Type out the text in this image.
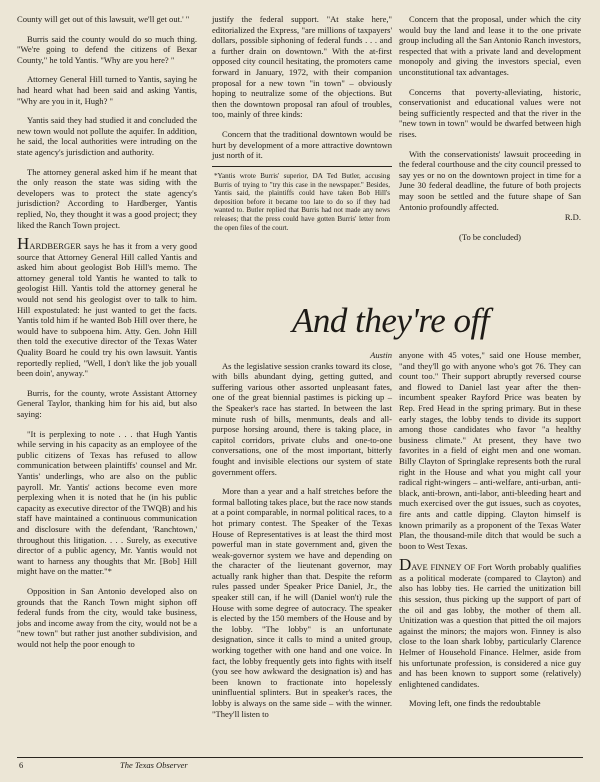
County will get out of this lawsuit, we'll get out.' "

Burris said the county would do so much thing. "We're going to defend the citizens of Bexar County," he told Yantis. "Why are you here? "

Attorney General Hill turned to Yantis, saying he had heard what had been said and asking Yantis, "Why are you in it, Hugh? "

Yantis said they had studied it and concluded the new town would not pollute the aquifer. In addition, he said, the local authorities were intruding on the state agency's jurisdiction and authority.

The attorney general asked him if he meant that the only reason the state was siding with the developers was to protect the state agency's jurisdiction? According to Hardberger, Yantis replied, No, they thought it was a good project; they liked the Ranch Town project.

HARDBERGER says he has it from a very good source that Attorney General Hill called Yantis and asked him about geologist Bob Hill's memo. The attorney general told Yantis he wanted to talk to geologist Hill. Yantis told the attorney general he would not send his geologist over to talk to him. Hill expostulated: he just wanted to get the facts. Yantis told him if he wanted Bob Hill over there, he would have to subpoena him. Atty. Gen. John Hill then told the executive director of the Texas Water Quality Board he could try his own lawsuit. Yantis reportedly replied, "Well, I don't like the job youall been doin', anyway."

Burris, for the county, wrote Assistant Attorney General Taylor, thanking him for his aid, but also saying:

"It is perplexing to note . . . that Hugh Yantis while serving in his capacity as an employee of the public citizens of Texas has refused to allow communication between plaintiffs' counsel and Mr. Yantis' underlings, who are also on the public payroll. Mr. Yantis' actions become even more perplexing when it is noted that he (in his public capacity as executive director of the TWQB) and his staff have maintained a continuous communication and disclosure with the defendant, 'Ranchtown,' throughout this litigation. . . . Surely, as executive director of a public agency, Mr. Yantis would not want to harness any thoughts that Mr. [Bob] Hill might have on the matter."*

Opposition in San Antonio developed also on grounds that the Ranch Town might siphon off federal funds from the city, would take business, jobs and income away from the city, would not be a "new town" but rather just another subdivision, and would not help the poor enough to

justify the federal support. "At stake here," editorialized the Express, "are millions of taxpayers' dollars, possible siphoning of federal funds . . . and a further drain on downtown." With the at-first opposed city council hesitating, the promoters came forward in January, 1972, with their companion proposal for a new town "in town" – obviously hoping to neutralize some of the objections. But then the downtown proposal ran afoul of troubles, too, mainly of three kinds:

Concern that the traditional downtown would be hurt by development of a more attractive downtown just north of it.

*Yantis wrote Burris' superior, DA Ted Butler, accusing Burris of trying to "try this case in the newspaper." Besides, Yantis said, the plaintiffs could have taken Bob Hill's deposition before it became too late to do so if they had wanted to. Butler replied that Burris had not made any news releases; that the press could have gotten Burris' letter from the open files of the court.

And they're off

Austin

As the legislative session cranks toward its close, with bills abundant dying, getting gutted, and suffering various other assorted unpleasant fates, one of the great biennial pastimes is picking up – the Speaker's race has started. In between the last minute rush of bills, menmunts, deals and all-purpose horsing around, there is taking place, in capitol corridors, private clubs and one-to-one conversations, one of the most important, bitterly fought and invisible elections our system of state government offers.

More than a year and a half stretches before the formal balloting takes place, but the race now stands at a point comparable, in normal political races, to a hot primary contest. The Speaker of the Texas House of Representatives is at least the third most powerful man in state government and, given the weak-governor system we have and depending on the character of the lieutenant governor, may actually rank higher than that. Despite the reform rules passed under Speaker Price Daniel, Jr., the speaker still can, if he will (Daniel won't) rule the House with some degree of autocracy. The speaker is elected by the 150 members of the House and by the lobby. "The lobby" is an unfortunate designation, since it calls to mind a united group, working together with one hand and one voice. In fact, the lobby frequently gets into fights with itself (you see how awkward the designation is) and has been known to fractionate into hopelessly uninfluential splinters. But in speaker's races, the lobby is always on the same side – with the winner. "They'll listen to

Concern that the proposal, under which the city would buy the land and lease it to the one private group including all the San Antonio Ranch investors, respected that with a private land and development monopoly and giving the investors special, even unconstitutional tax advantages.

Concerns that poverty-alleviating, historic, conservationist and educational values were not being sufficiently respected and that the river in the "new town in town" would be dwarfed between high rises.

With the conservationists' lawsuit proceeding in the federal courthouse and the city council pressed to say yes or no on the downtown project in time for a June 30 federal deadline, the future of both projects may soon be settled and the future shape of San Antonio profoundly affected.

R.D.

(To be concluded)

anyone with 45 votes," said one House member, "and they'll go with anyone who's got 76. They can count too." Their support abruptly reversed course and flowed to Daniel last year after the then-incumbent speaker Rayford Price was beaten by Rep. Fred Head in the spring primary. But in these early stages, the lobby tends to divide its support among those candidates who favor "a healthy business climate." At present, they have two favorites in a field of eight men and one woman. Billy Clayton of Springlake represents both the rural right in the House and what you might call your radical right-wingers – anti-welfare, anti-urban, anti-black, anti-brown, anti-labor, anti-bleeding heart and much exercised over the gut issues, such as coyotes, fire ants and cattle dipping. Clayton himself is known primarily as a proponent of the Texas Water Plan, the thousand-mile ditch that would be such a boon to West Texas.

DAVE FINNEY OF Fort Worth probably qualifies as a political moderate (compared to Clayton) and also has lobby ties. He carried the unitization bill this session, thus picking up the support of part of the oil and gas lobby, the mother of them all. Unitization was a question that pitted the oil majors against the minors; the majors won. Finney is also close to the loan shark lobby, particularly Clarence Helmer of Household Finance. Helmer, aside from his unfortunate profession, is considered a nice guy and has been known to support some (relatively) enlightened candidates.

Moving left, one finds the redoubtable

6	The Texas Observer
